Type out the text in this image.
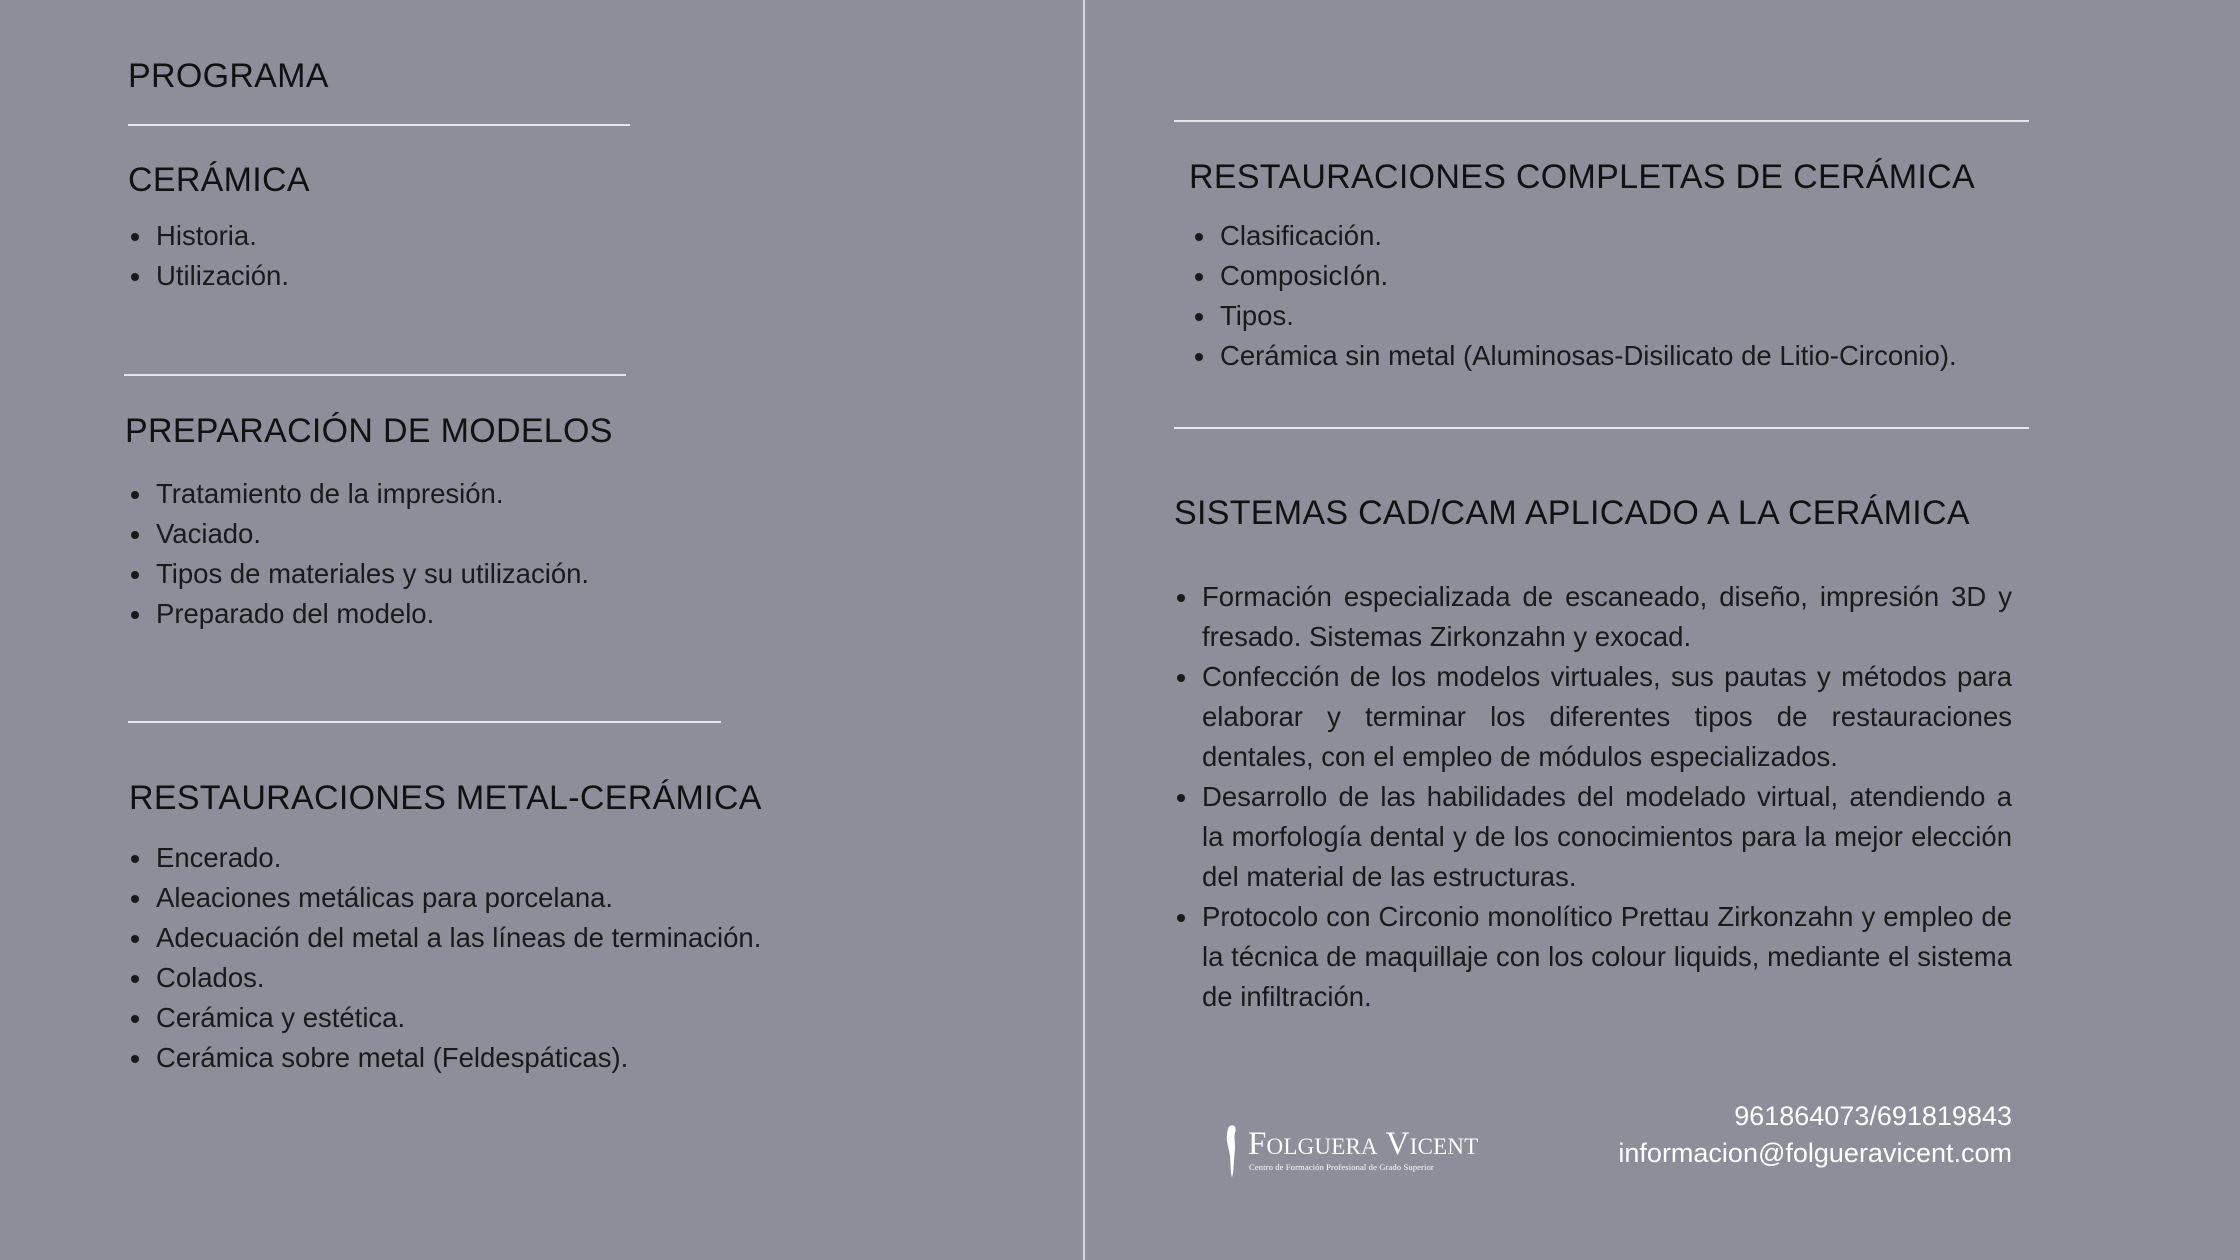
PROGRAMA
CERÁMICA
Historia.
Utilización.
PREPARACIÓN DE MODELOS
Tratamiento de la impresión.
Vaciado.
Tipos de materiales y su utilización.
Preparado del modelo.
RESTAURACIONES METAL-CERÁMICA
Encerado.
Aleaciones metálicas para porcelana.
Adecuación del metal a las líneas de terminación.
Colados.
Cerámica y estética.
Cerámica sobre metal (Feldespáticas).
RESTAURACIONES COMPLETAS DE CERÁMICA
Clasificación.
ComposicIón.
Tipos.
Cerámica sin metal (Aluminosas-Disilicato de Litio-Circonio).
SISTEMAS CAD/CAM APLICADO A LA CERÁMICA
Formación especializada de escaneado, diseño, impresión 3D y fresado. Sistemas Zirkonzahn y exocad.
Confección de los modelos virtuales, sus pautas y métodos para elaborar y terminar los diferentes tipos de restauraciones dentales, con el empleo de módulos especializados.
Desarrollo de las habilidades del modelado virtual, atendiendo a la morfología dental y de los conocimientos para la mejor elección del material de las estructuras.
Protocolo con Circonio monolítico Prettau Zirkonzahn y empleo de la técnica de maquillaje con los colour liquids, mediante el sistema de infiltración.
Folguera Vicent
Centro de Formación Profesional de Grado Superior
961864073/691819843
informacion@folgueravicent.com
